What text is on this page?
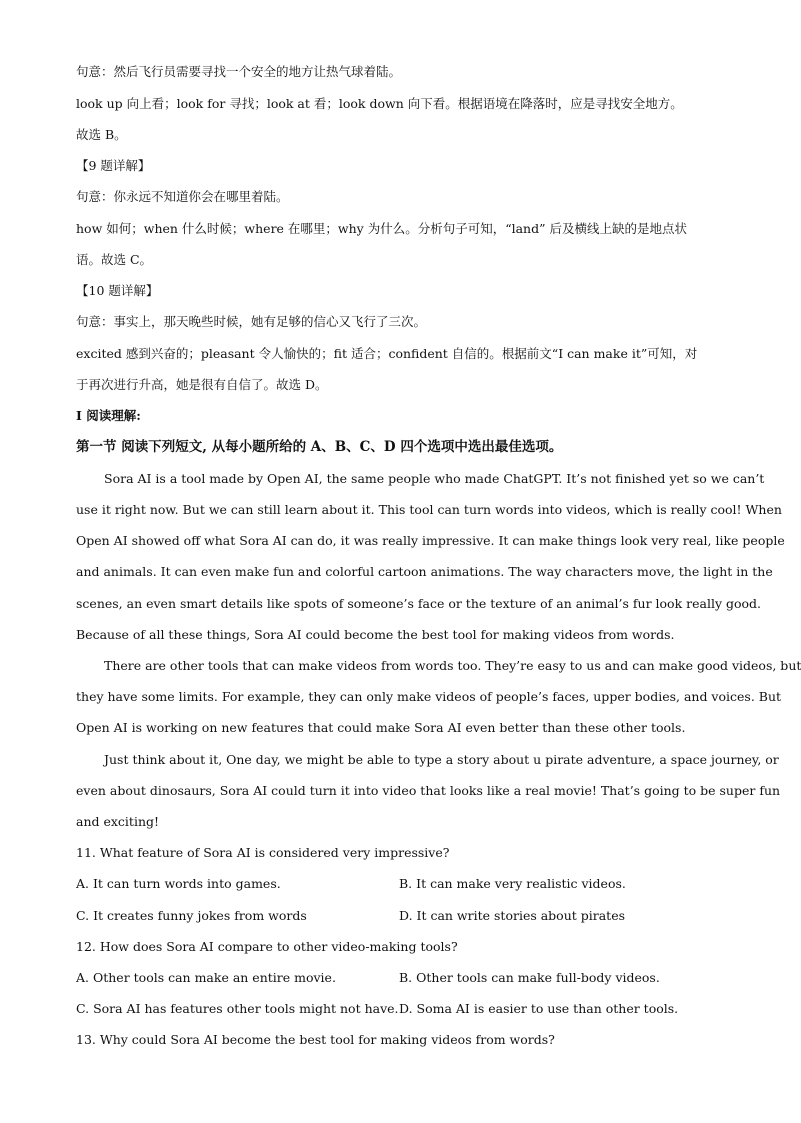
句意：然后飞行员需要寻找一个安全的地方让热气球着陆。
look up 向上看；look for 寻找；look at 看；look down 向下看。根据语境在降落时，应是寻找安全地方。
故选 B。
【9 题详解】
句意：你永远不知道你会在哪里着陆。
how 如何；when 什么时候；where 在哪里；why 为什么。分析句子可知，“land” 后及横线上缺的是地点状
语。故选 C。
【10 题详解】
句意：事实上，那天晚些时候，她有足够的信心又飞行了三次。
excited 感到兴奋的；pleasant 令人愉快的；fit 适合；confident 自信的。根据前文“I can make it”可知，对
于再次进行升高，她是很有自信了。故选 D。
I 阅读理解:
第一节 阅读下列短文, 从每小题所给的 A、B、C、D 四个选项中选出最佳选项。
Sora AI is a tool made by Open AI, the same people who made ChatGPT. It’s not finished yet so we can’t
use it right now. But we can still learn about it. This tool can turn words into videos, which is really cool! When
Open AI showed off what Sora AI can do, it was really impressive. It can make things look very real, like people
and animals. It can even make fun and colorful cartoon animations. The way characters move, the light in the
scenes, an even smart details like spots of someone’s face or the texture of an animal’s fur look really good.
Because of all these things, Sora AI could become the best tool for making videos from words.
There are other tools that can make videos from words too. They’re easy to us and can make good videos, but
they have some limits. For example, they can only make videos of people’s faces, upper bodies, and voices. But
Open AI is working on new features that could make Sora AI even better than these other tools.
Just think about it, One day, we might be able to type a story about u pirate adventure, a space journey, or
even about dinosaurs, Sora AI could turn it into video that looks like a real movie! That’s going to be super fun
and exciting!
11. What feature of Sora AI is considered very impressive?
A. It can turn words into games.	B. It can make very realistic videos.
C. It creates funny jokes from words	D. It can write stories about pirates
12. How does Sora AI compare to other video-making tools?
A. Other tools can make an entire movie.	B. Other tools can make full-body videos.
C. Sora AI has features other tools might not have. D. Soma AI is easier to use than other tools.
13. Why could Sora AI become the best tool for making videos from words?
